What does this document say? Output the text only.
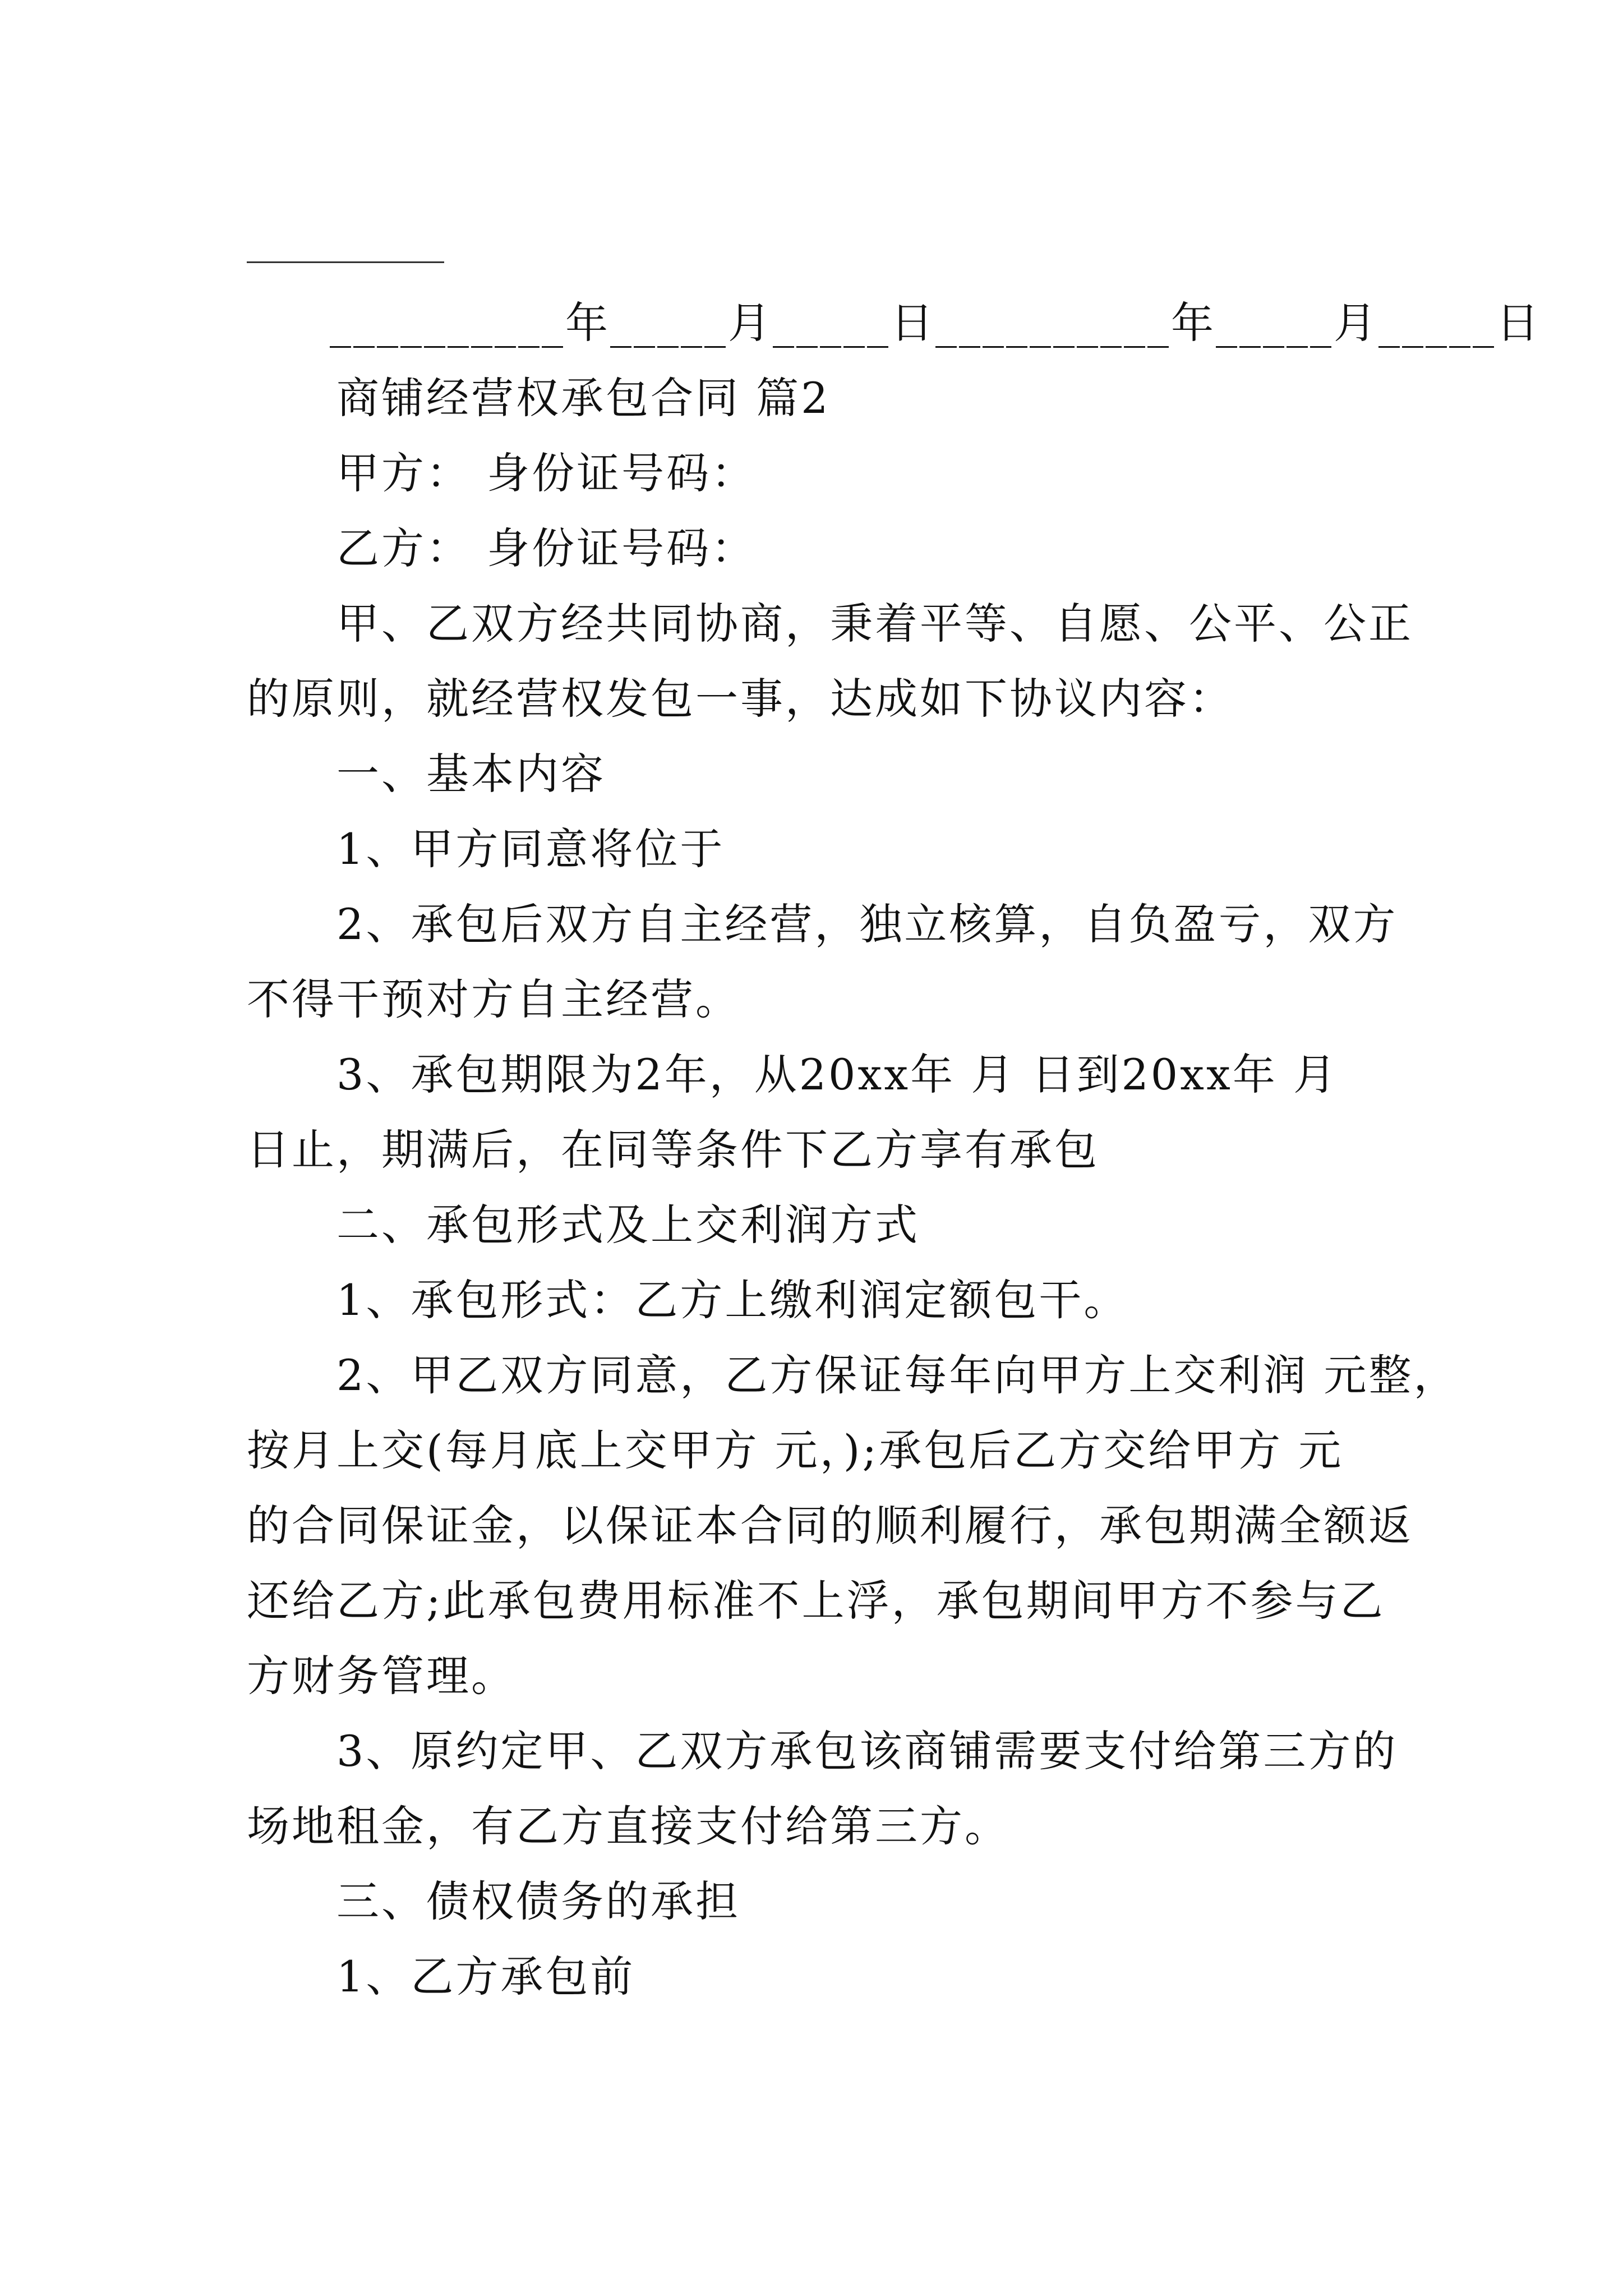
__________年_____月_____日__________年_____月_____日
商铺经营权承包合同 篇2
甲方： 身份证号码：
乙方： 身份证号码：
甲、乙双方经共同协商，秉着平等、自愿、公平、公正
的原则，就经营权发包一事，达成如下协议内容：
一、基本内容
1、甲方同意将位于
2、承包后双方自主经营，独立核算，自负盈亏，双方
不得干预对方自主经营。
3、承包期限为2年，从20xx年 月 日到20xx年 月
日止，期满后，在同等条件下乙方享有承包
二、承包形式及上交利润方式
1、承包形式：乙方上缴利润定额包干。
2、甲乙双方同意，乙方保证每年向甲方上交利润 元整，
按月上交(每月底上交甲方 元，);承包后乙方交给甲方 元
的合同保证金，以保证本合同的顺利履行，承包期满全额返
还给乙方;此承包费用标准不上浮，承包期间甲方不参与乙
方财务管理。
3、原约定甲、乙双方承包该商铺需要支付给第三方的
场地租金，有乙方直接支付给第三方。
三、债权债务的承担
1、乙方承包前
